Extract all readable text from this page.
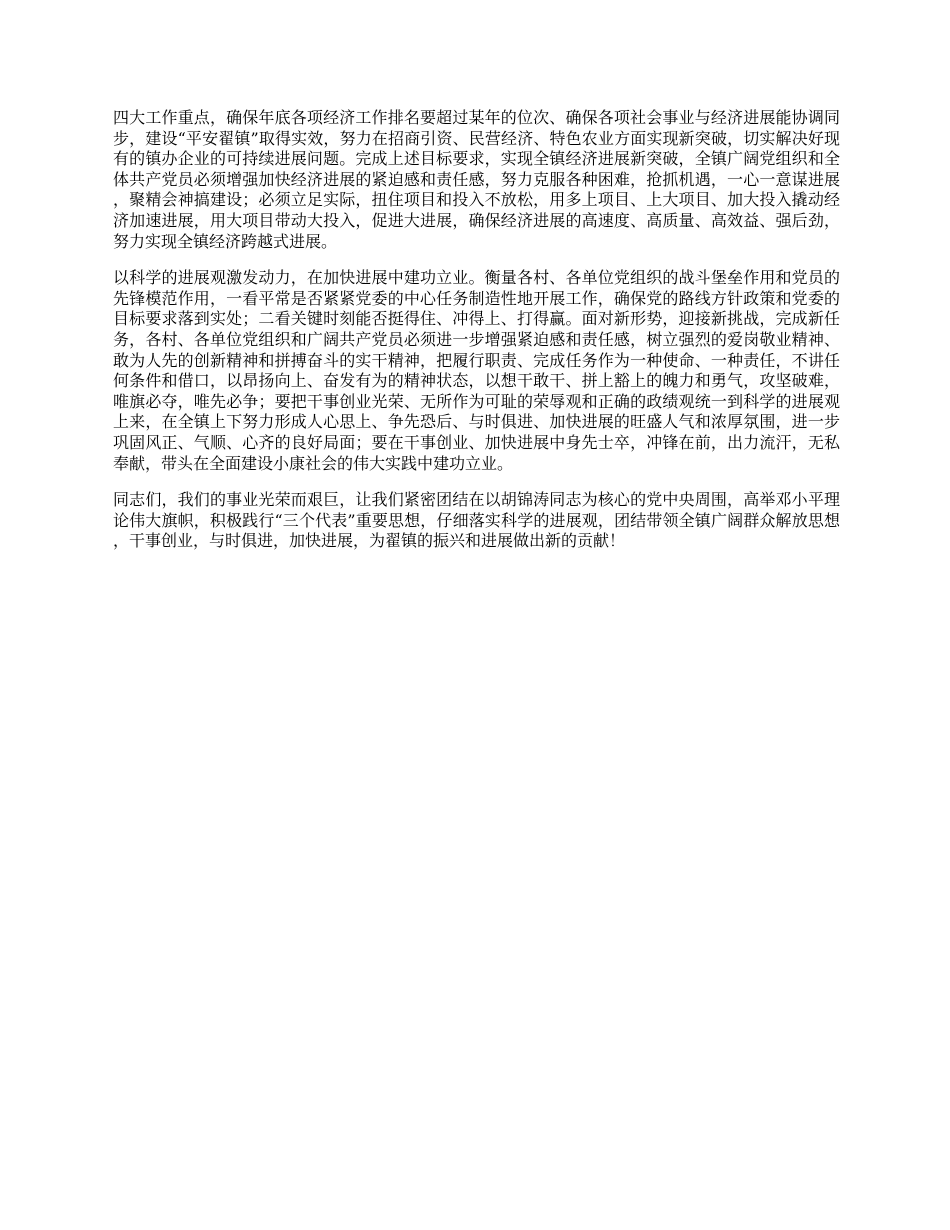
四大工作重点，确保年底各项经济工作排名要超过某年的位次、确保各项社会事业与经济进展能协调同步，建设“平安翟镇”取得实效，努力在招商引资、民营经济、特色农业方面实现新突破，切实解决好现有的镇办企业的可持续进展问题。完成上述目标要求，实现全镇经济进展新突破，全镇广阔党组织和全体共产党员必须增强加快经济进展的紧迫感和责任感，努力克服各种困难，抢抓机遇，一心一意谋进展，聚精会神搞建设；必须立足实际，扭住项目和投入不放松，用多上项目、上大项目、加大投入撬动经济加速进展，用大项目带动大投入，促进大进展，确保经济进展的高速度、高质量、高效益、强后劲，努力实现全镇经济跨越式进展。

以科学的进展观激发动力，在加快进展中建功立业。衡量各村、各单位党组织的战斗堡垒作用和党员的先锋模范作用，一看平常是否紧紧党委的中心任务制造性地开展工作，确保党的路线方针政策和党委的目标要求落到实处；二看关键时刻能否挺得住、冲得上、打得赢。面对新形势，迎接新挑战，完成新任务，各村、各单位党组织和广阔共产党员必须进一步增强紧迫感和责任感，树立强烈的爱岗敬业精神、敢为人先的创新精神和拼搏奋斗的实干精神，把履行职责、完成任务作为一种使命、一种责任，不讲任何条件和借口，以昂扬向上、奋发有为的精神状态，以想干敢干、拼上豁上的魄力和勇气，攻坚破难，唯旗必夺，唯先必争；要把干事创业光荣、无所作为可耻的荣辱观和正确的政绩观统一到科学的进展观上来，在全镇上下努力形成人心思上、争先恐后、与时俱进、加快进展的旺盛人气和浓厚氛围，进一步巩固风正、气顺、心齐的良好局面；要在干事创业、加快进展中身先士卒，冲锋在前，出力流汗，无私奉献，带头在全面建设小康社会的伟大实践中建功立业。

同志们，我们的事业光荣而艰巨，让我们紧密团结在以胡锦涛同志为核心的党中央周围，高举邓小平理论伟大旗帜，积极践行“三个代表”重要思想，仔细落实科学的进展观，团结带领全镇广阔群众解放思想，干事创业，与时俱进，加快进展，为翟镇的振兴和进展做出新的贡献！
